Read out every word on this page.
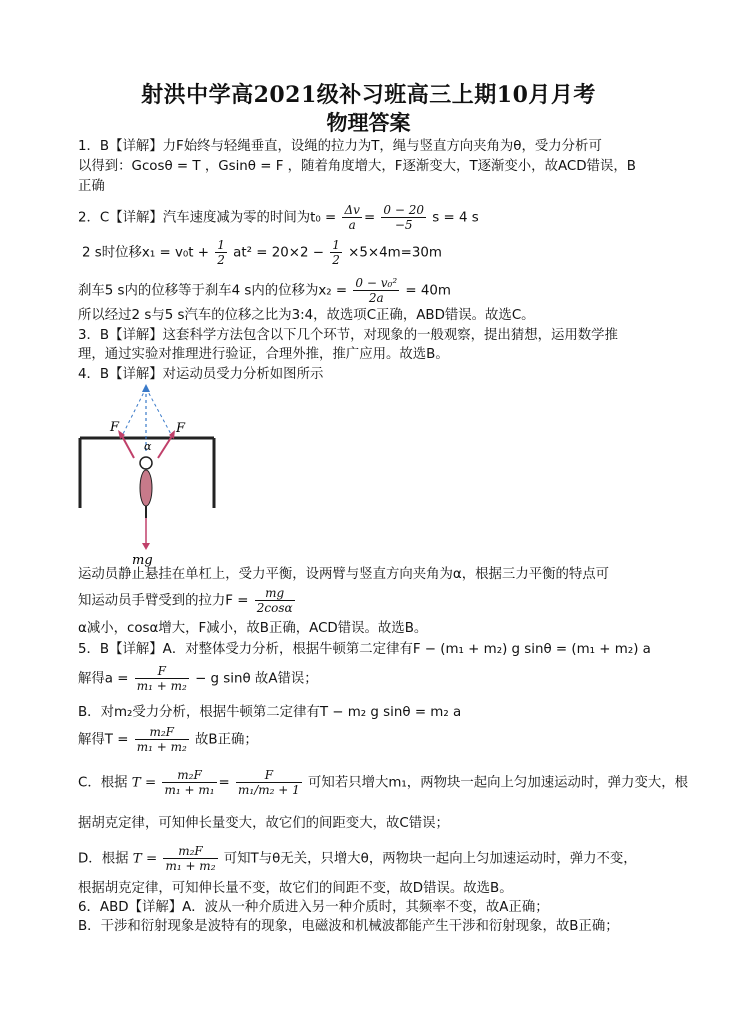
射洪中学高2021级补习班高三上期10月月考
物理答案
1．B【详解】力F始终与轻绳垂直，设绳的拉力为T，绳与竖直方向夹角为θ，受力分析可
以得到：Gcosθ = T ，Gsinθ = F ，随着角度增大，F逐渐变大，T逐渐变小，故ACD错误，B
正确
2．C【详解】汽车速度减为零的时间为$t_0 = \frac{\Delta v}{a} = \frac{0 - 20}{-5}$ s = 4 s
2 s时位移$x_1 = v_0t + \frac{1}{2} at^2 = 20\times 2 - \frac{1}{2} \times 5\times 4m=30m$
刹车5 s内的位移等于刹车4 s内的位移为$x_2 = \frac{\text{0 − v₀²}}{2a} = 40m$
所以经过2 s与5 s汽车的位移之比为3:4，故选项C正确，ABD错误。故选C。
3．B【详解】这套科学方法包含以下几个环节，对现象的一般观察，提出猜想，运用数学推
理，通过实验对推理进行验证，合理外推，推广应用。故选B。
4．B【详解】对运动员受力分析如图所示
F	F
α
mg
运动员静止悬挂在单杠上，受力平衡，设两臂与竖直方向夹角为α，根据三力平衡的特点可
知运动员手臂受到的拉力$F = \frac{mg}{2\cos\alpha}$
α减小，cosα增大，F减小，故B正确，ACD错误。故选B。
5．B【详解】A．对整体受力分析，根据牛顿第二定律有F − (m₁ + m₂) g sinθ = (m₁ + m₂) a
解得$a = \frac{F}{\text{m₁ + m₂}} - g$ sinθ 故A错误；
B．对m₂受力分析，根据牛顿第二定律有T − m₂ g sinθ = m₂ a
解得$T = \frac{\text{m₂F}}{\text{m₁ + m₂}}$ 故B正确；
C．根据 $T = \frac{\text{m₂F}}{\text{m₁ + m₁}} = \frac{F}{\text{m₁/m₂ + 1}}$ 可知若只增大m₁，两物块一起向上匀加速运动时，弹力变大，根
据胡克定律，可知伸长量变大，故它们的间距变大，故C错误；
D．根据 $T = \frac{\text{m₂F}}{\text{m₁ + m₂}}$ 可知T与θ无关，只增大θ，两物块一起向上匀加速运动时，弹力不变，
根据胡克定律，可知伸长量不变，故它们的间距不变，故D错误。故选B。
6．ABD【详解】A．波从一种介质进入另一种介质时，其频率不变，故A正确；
B．干涉和衍射现象是波特有的现象，电磁波和机械波都能产生干涉和衍射现象，故B正确；
